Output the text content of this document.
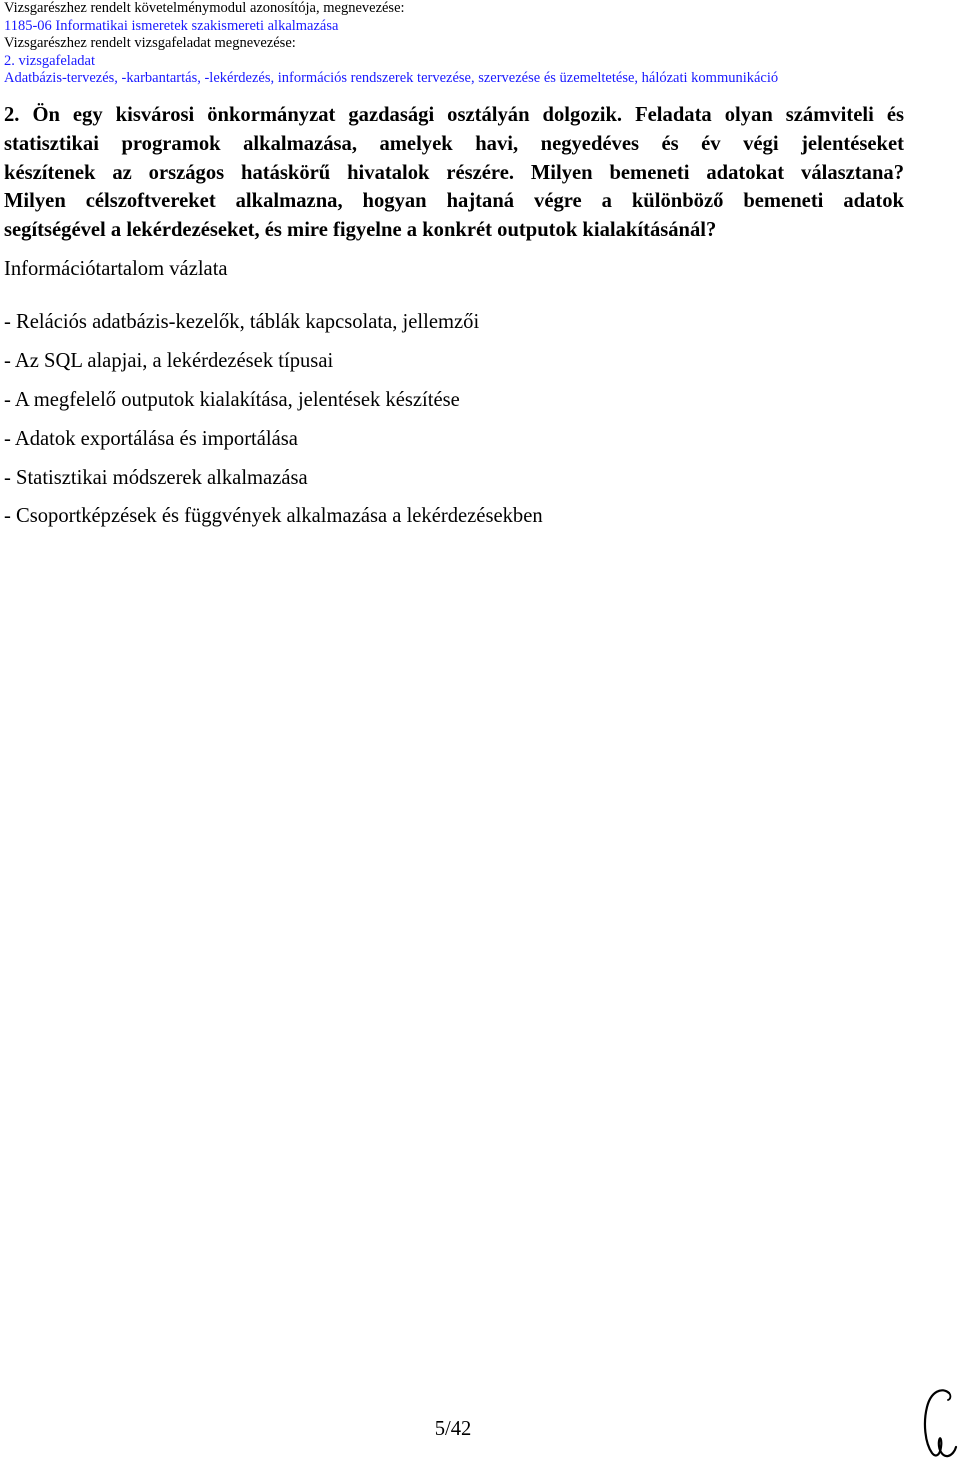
Vizsgarészhez rendelt követelménymodul azonosítója, megnevezése:
1185-06 Informatikai ismeretek szakismereti alkalmazása
Vizsgarészhez rendelt vizsgafeladat megnevezése:
2. vizsgafeladat
Adatbázis-tervezés, -karbantartás, -lekérdezés, információs rendszerek tervezése, szervezése és üzemeltetése, hálózati kommunikáció
2. Ön egy kisvárosi önkormányzat gazdasági osztályán dolgozik. Feladata olyan számviteli és
statisztikai programok alkalmazása, amelyek havi, negyedéves és év végi jelentéseket
készítenek az országos hatáskörű hivatalok részére. Milyen bemeneti adatokat választana?
Milyen célszoftvereket alkalmazna, hogyan hajtaná végre a különböző bemeneti adatok
segítségével a lekérdezéseket, és mire figyelne a konkrét outputok kialakításánál?
Információtartalom vázlata
- Relációs adatbázis-kezelők, táblák kapcsolata, jellemzői
- Az SQL alapjai, a lekérdezések típusai
- A megfelelő outputok kialakítása, jelentések készítése
- Adatok exportálása és importálása
- Statisztikai módszerek alkalmazása
- Csoportképzések és függvények alkalmazása a lekérdezésekben
5/42
